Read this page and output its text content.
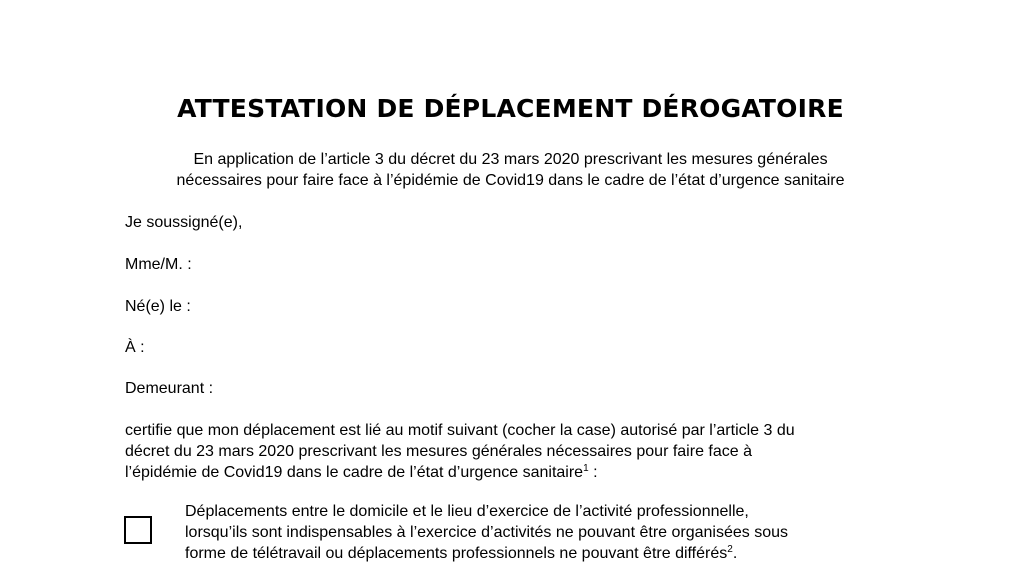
ATTESTATION DE DÉPLACEMENT DÉROGATOIRE
En application de l’article 3 du décret du 23 mars 2020 prescrivant les mesures générales
nécessaires pour faire face à l’épidémie de Covid19 dans le cadre de l’état d’urgence sanitaire
Je soussigné(e),
Mme/M. :
Né(e) le :
À :
Demeurant :
certifie que mon déplacement est lié au motif suivant (cocher la case) autorisé par l’article 3 du
décret du 23 mars 2020 prescrivant les mesures générales nécessaires pour faire face à
l’épidémie de Covid19 dans le cadre de l’état d’urgence sanitaire$^1$ :
Déplacements entre le domicile et le lieu d’exercice de l’activité professionnelle,
lorsqu’ils sont indispensables à l’exercice d’activités ne pouvant être organisées sous
forme de télétravail ou déplacements professionnels ne pouvant être différés$^2$.
